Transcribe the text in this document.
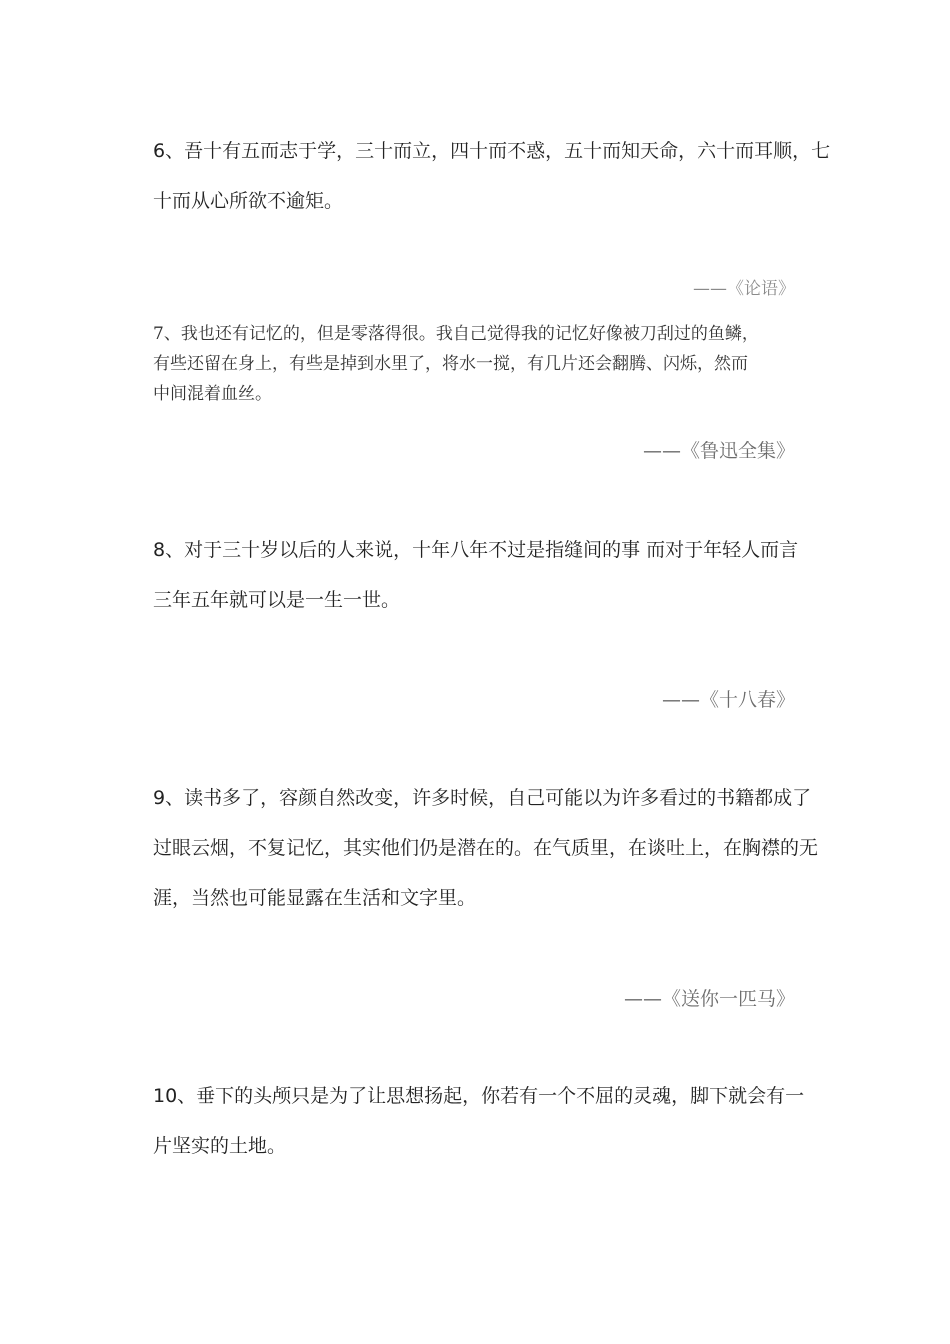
6、吾十有五而志于学，三十而立，四十而不惑，五十而知天命，六十而耳顺，七
十而从心所欲不逾矩。

——《论语》

7、我也还有记忆的，但是零落得很。我自己觉得我的记忆好像被刀刮过的鱼鳞，
有些还留在身上，有些是掉到水里了，将水一搅，有几片还会翻腾、闪烁，然而
中间混着血丝。

——《鲁迅全集》

8、对于三十岁以后的人来说，十年八年不过是指缝间的事 而对于年轻人而言
三年五年就可以是一生一世。

——《十八春》

9、读书多了，容颜自然改变，许多时候，自己可能以为许多看过的书籍都成了
过眼云烟，不复记忆，其实他们仍是潜在的。在气质里，在谈吐上，在胸襟的无
涯，当然也可能显露在生活和文字里。

——《送你一匹马》

10、垂下的头颅只是为了让思想扬起，你若有一个不屈的灵魂，脚下就会有一
片坚实的土地。
